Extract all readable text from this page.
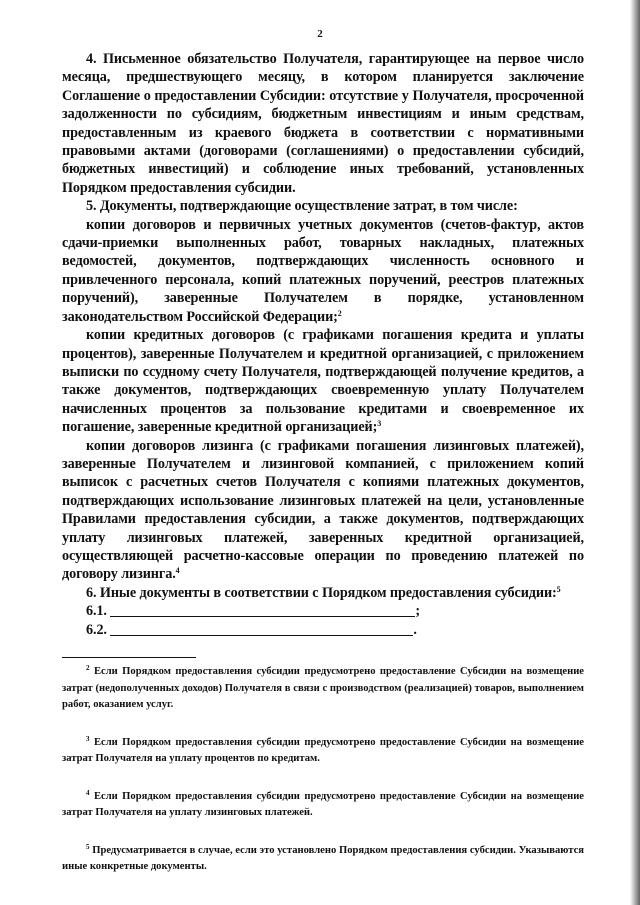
2

4. Письменное обязательство Получателя, гарантирующее на первое число месяца, предшествующего месяцу, в котором планируется заключение Соглашение о предоставлении Субсидии: отсутствие у Получателя, просроченной задолженности по субсидиям, бюджетным инвестициям и иным средствам, предоставленным из краевого бюджета в соответствии с нормативными правовыми актами (договорами (соглашениями) о предоставлении субсидий, бюджетных инвестиций) и соблюдение иных требований, установленных Порядком предоставления субсидии.

5. Документы, подтверждающие осуществление затрат, в том числе:

копии договоров и первичных учетных документов (счетов-фактур, актов сдачи-приемки выполненных работ, товарных накладных, платежных ведомостей, документов, подтверждающих численность основного и привлеченного персонала, копий платежных поручений, реестров платежных поручений), заверенные Получателем в порядке, установленном законодательством Российской Федерации;$^2$

копии кредитных договоров (с графиками погашения кредита и уплаты процентов), заверенные Получателем и кредитной организацией, с приложением выписки по ссудному счету Получателя, подтверждающей получение кредитов, а также документов, подтверждающих своевременную уплату Получателем начисленных процентов за пользование кредитами и своевременное их погашение, заверенные кредитной организацией;$^3$

копии договоров лизинга (с графиками погашения лизинговых платежей), заверенные Получателем и лизинговой компанией, с приложением копий выписок с расчетных счетов Получателя с копиями платежных документов, подтверждающих использование лизинговых платежей на цели, установленные Правилами предоставления субсидии, а также документов, подтверждающих уплату лизинговых платежей, заверенных кредитной организацией, осуществляющей расчетно-кассовые операции по проведению платежей по договору лизинга.$^4$

6. Иные документы в соответствии с Порядком предоставления субсидии:$^5$

6.1.	;
6.2.	.

$^2$ Если Порядком предоставления субсидии предусмотрено предоставление Субсидии на возмещение затрат (недополученных доходов) Получателя в связи с производством (реализацией) товаров, выполнением работ, оказанием услуг.

$^3$ Если Порядком предоставления субсидии предусмотрено предоставление Субсидии на возмещение затрат Получателя на уплату процентов по кредитам.

$^4$ Если Порядком предоставления субсидии предусмотрено предоставление Субсидии на возмещение затрат Получателя на уплату лизинговых платежей.

$^5$ Предусматривается в случае, если это установлено Порядком предоставления субсидии. Указываются иные конкретные документы.
